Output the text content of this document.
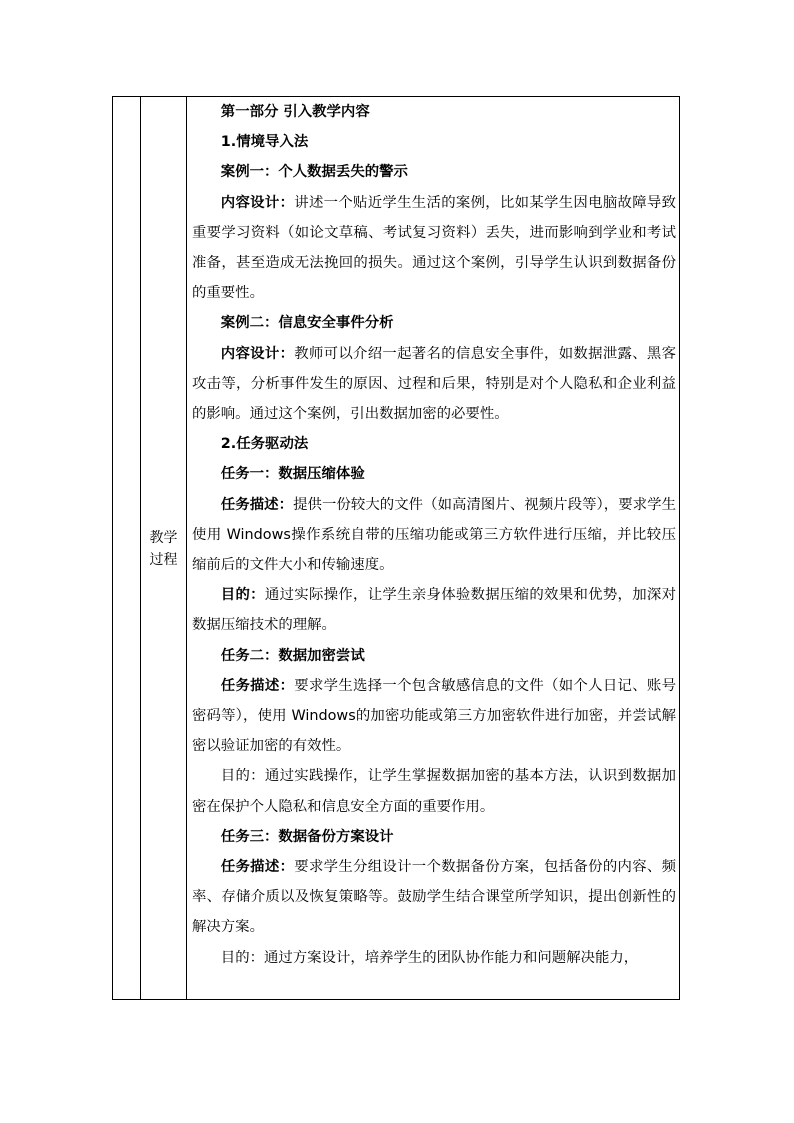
教学
过程

第一部分 引入教学内容

1.情境导入法

案例一：个人数据丢失的警示

内容设计：讲述一个贴近学生生活的案例，比如某学生因电脑故障导致重要学习资料（如论文草稿、考试复习资料）丢失，进而影响到学业和考试准备，甚至造成无法挽回的损失。通过这个案例，引导学生认识到数据备份的重要性。

案例二：信息安全事件分析

内容设计：教师可以介绍一起著名的信息安全事件，如数据泄露、黑客攻击等，分析事件发生的原因、过程和后果，特别是对个人隐私和企业利益的影响。通过这个案例，引出数据加密的必要性。

2.任务驱动法

任务一：数据压缩体验

任务描述：提供一份较大的文件（如高清图片、视频片段等），要求学生使用 Windows操作系统自带的压缩功能或第三方软件进行压缩，并比较压缩前后的文件大小和传输速度。

目的：通过实际操作，让学生亲身体验数据压缩的效果和优势，加深对数据压缩技术的理解。

任务二：数据加密尝试

任务描述：要求学生选择一个包含敏感信息的文件（如个人日记、账号密码等），使用 Windows的加密功能或第三方加密软件进行加密，并尝试解密以验证加密的有效性。

目的：通过实践操作，让学生掌握数据加密的基本方法，认识到数据加密在保护个人隐私和信息安全方面的重要作用。

任务三：数据备份方案设计

任务描述：要求学生分组设计一个数据备份方案，包括备份的内容、频率、存储介质以及恢复策略等。鼓励学生结合课堂所学知识，提出创新性的解决方案。

目的：通过方案设计，培养学生的团队协作能力和问题解决能力，
